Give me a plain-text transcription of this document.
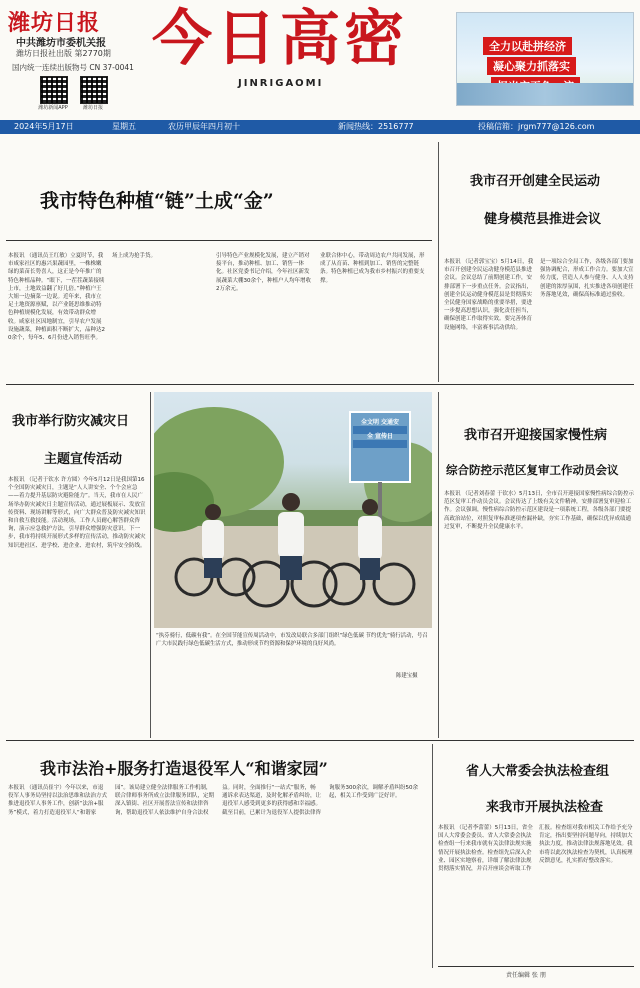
潍坊日报
中共潍坊市委机关报
潍坊日报社出版 第2770期
国内统一连续出版物号 CN 37-0041
潍坊新闻APP	潍坊日报
今日高密
JINRIGAOMI
全力以赴拼经济
凝心聚力抓落实
2024年5月17日	星期五	农历甲辰年四月初十	新闻热线：2516777	投稿信箱：jrgm777@126.com
我市特色种植“链”土成“金”
本报讯 （通讯员王红敏）立夏时节，我市咸家社区的惠兴果蔬园里，一株株嫩绿的菜苗长势喜人，这正是今年推广的特色种植品种。“眼下，一茬茬蔬菜接续上市，土地效益翻了好几倍。”种植户王大姐一边摘菜一边说。近年来，我市立足土地资源禀赋，以产业链思维推动特色种植规模化发展，有效带动群众增收。咸家社区因地制宜，引导农户发展设施蔬菜，种植面积不断扩大，品种达20余个，每年5、6月份进入销售旺季。
场上成为抢手货。	引导特色产业规模化发展，建立产销对接平台，推动种植、加工、销售一体化。社区党委书记介绍，今年社区新发展蔬菜大棚30余个，种植户人均年增收2万余元。
业联合体中心，带动周边农户共同发展，形成了从育苗、种植到加工、销售的完整链条。特色种植已成为我市乡村振兴的重要支撑。
我市召开创建全民运动
健身模范县推进会议
本报讯 （记者郭宝宝）5月14日，我市召开创建全民运动健身模范县推进会议。会议总结了前期创建工作，安排部署下一步重点任务。会议指出，创建全民运动健身模范县是贯彻落实全民健身国家战略的重要举措，要进一步提高思想认识，强化责任担当，确保创建工作取得实效。要完善体育设施网络，丰富赛事活动供给。
是一项综合全局工作，各级各部门要加强协调配合，形成工作合力。要加大宣传力度，营造人人参与健身、人人支持创建的浓厚氛围，扎实推进各项创建任务落地见效，确保高标准通过验收。
我市举行防灾减灾日
主题宣传活动
本报讯 （记者于钦水 许方圆）今年5月12日是我国第16个全国防灾减灾日，主题是“人人讲安全、个个会应急——着力提升基层防灾避险能力”。当天，我市在人民广场举办防灾减灾日主题宣传活动，通过展板展示、发放宣传资料、现场讲解等形式，向广大群众普及防灾减灾知识和自救互救技能。活动现场，工作人员耐心解答群众咨询，演示应急救护方法，引导群众增强防灾意识。下一步，我市将持续开展形式多样的宣传活动，推动防灾减灾知识进社区、进学校、进企业、进农村，筑牢安全防线。
全文明 交通安全 宣传日
“执芬骑行，低碳有我”。在全国节能宣传周活动中，市发改局联合多部门组织“绿色低碳 节约优先”骑行活动，号召广大市民践行绿色低碳生活方式，推动形成节约资源和保护环境的良好风尚。
陈建宝摄
我市召开迎接国家慢性病
综合防控示范区复审工作动员会议
本报讯 （记者刘春蕾 于钦水）5月13日，全市召开迎接国家慢性病综合防控示范区复审工作动员会议。会议传达了上级有关文件精神，安排部署复审迎检工作。会议强调，慢性病综合防控示范区建设是一项系统工程，各级各部门要提高政治站位，对照复审标准逐项查漏补缺，夯实工作基础，确保以优异成绩通过复审，不断提升全民健康水平。
我市法治+服务打造退役军人“和谐家园”
本报讯 （通讯员崔宇）今年以来，市退役军人事务局坚持以法治思维和法治方式推进退役军人事务工作，创新“法治+服务”模式，着力打造退役军人“和谐家园”。该局建立健全法律服务工作机制，联合律师事务所成立法律服务团队，定期深入镇街、社区开展普法宣传和法律咨询，帮助退役军人依法维护自身合法权益。同时，全面推行“一站式”服务，畅通诉求表达渠道，及时化解矛盾纠纷，让退役军人感受到更多的获得感和幸福感。截至目前，已累计为退役军人提供法律咨询服务300余次，调解矛盾纠纷50余起，相关工作受到广泛好评。
省人大常委会执法检查组
来我市开展执法检查
本报讯 （记者李蕾蕾）5月13日，省全国人大常委会委员、省人大常委会执法检查组一行来我市就有关法律法规实施情况开展执法检查。检查组先后深入企业、园区实地察看，详细了解法律法规贯彻落实情况，并召开座谈会听取工作汇报。检查组对我市相关工作给予充分肯定，指出要坚持问题导向，持续加大执法力度，推动法律法规落地见效。我市将以此次执法检查为契机，认真梳理反馈意见，扎实抓好整改落实。
责任编辑 张 朋
